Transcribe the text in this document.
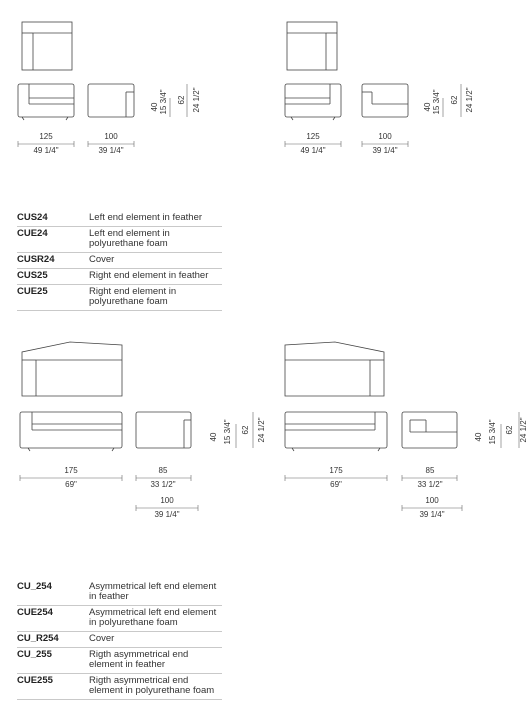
125
49 1/4"
100
39 1/4"
40 15 3/4" 62 24 1/2"
125
49 1/4"
100
39 1/4"
40 15 3/4" 62 24 1/2"
175
69"
85
33 1/2"
100
39 1/4"
40 15 3/4" 62 24 1/2"
175
69"
85
33 1/2"
100
39 1/4"
40 15 3/4" 62 24 1/2"
CUS24	Left end element in feather
CUE24	Left end element in polyurethane foam
CUSR24	Cover
CUS25	Right end element in feather
CUE25	Right end element in polyurethane foam
CU_254	Asymmetrical left end element in feather
CUE254	Asymmetrical left end element in polyurethane foam
CU_R254	Cover
CU_255	Rigth asymmetrical end element in feather
CUE255	Rigth asymmetrical end element in polyurethane foam
